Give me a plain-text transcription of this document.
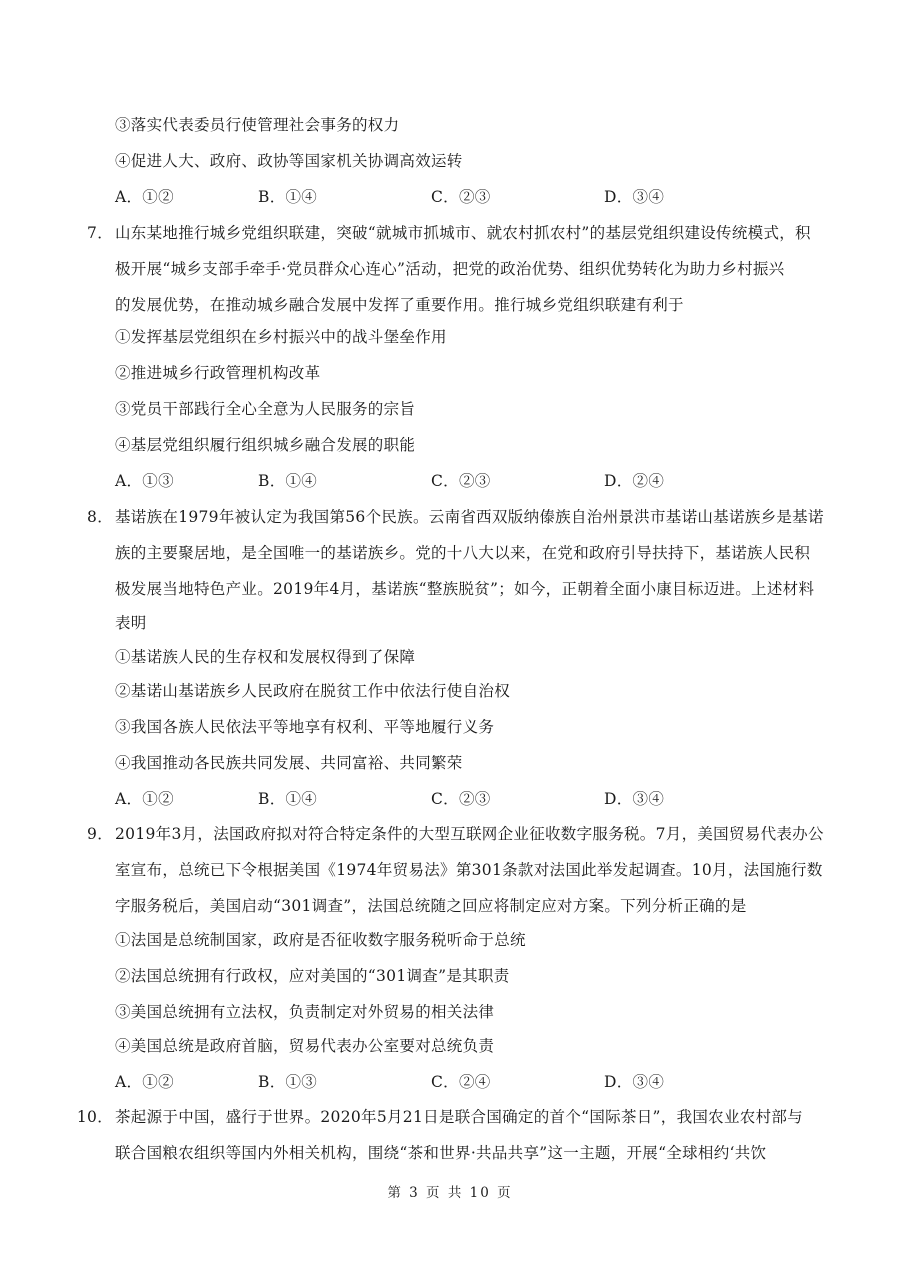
③落实代表委员行使管理社会事务的权力
④促进人大、政府、政协等国家机关协调高效运转
A．①②	B．①④	C．②③	D．③④
7． 山东某地推行城乡党组织联建，突破“就城市抓城市、就农村抓农村”的基层党组织建设传统模式，积
极开展“城乡支部手牵手·党员群众心连心”活动，把党的政治优势、组织优势转化为助力乡村振兴
的发展优势，在推动城乡融合发展中发挥了重要作用。推行城乡党组织联建有利于
①发挥基层党组织在乡村振兴中的战斗堡垒作用
②推进城乡行政管理机构改革
③党员干部践行全心全意为人民服务的宗旨
④基层党组织履行组织城乡融合发展的职能
A．①③	B．①④	C．②③	D．②④
8． 基诺族在1979年被认定为我国第56个民族。云南省西双版纳傣族自治州景洪市基诺山基诺族乡是基诺
族的主要聚居地，是全国唯一的基诺族乡。党的十八大以来，在党和政府引导扶持下，基诺族人民积
极发展当地特色产业。2019年4月，基诺族“整族脱贫”；如今，正朝着全面小康目标迈进。上述材料
表明
①基诺族人民的生存权和发展权得到了保障
②基诺山基诺族乡人民政府在脱贫工作中依法行使自治权
③我国各族人民依法平等地享有权利、平等地履行义务
④我国推动各民族共同发展、共同富裕、共同繁荣
A．①②	B．①④	C．②③	D．③④
9． 2019年3月，法国政府拟对符合特定条件的大型互联网企业征收数字服务税。7月，美国贸易代表办公
室宣布，总统已下令根据美国《1974年贸易法》第301条款对法国此举发起调查。10月，法国施行数
字服务税后，美国启动“301调查”，法国总统随之回应将制定应对方案。下列分析正确的是
①法国是总统制国家，政府是否征收数字服务税听命于总统
②法国总统拥有行政权，应对美国的“301调查”是其职责
③美国总统拥有立法权，负责制定对外贸易的相关法律
④美国总统是政府首脑，贸易代表办公室要对总统负责
A．①②	B．①③	C．②④	D．③④
10． 茶起源于中国，盛行于世界。2020年5月21日是联合国确定的首个“国际茶日”，我国农业农村部与
联合国粮农组织等国内外相关机构，围绕“茶和世界·共品共享”这一主题，开展“全球相约‘共饮
第 3 页 共 10 页
